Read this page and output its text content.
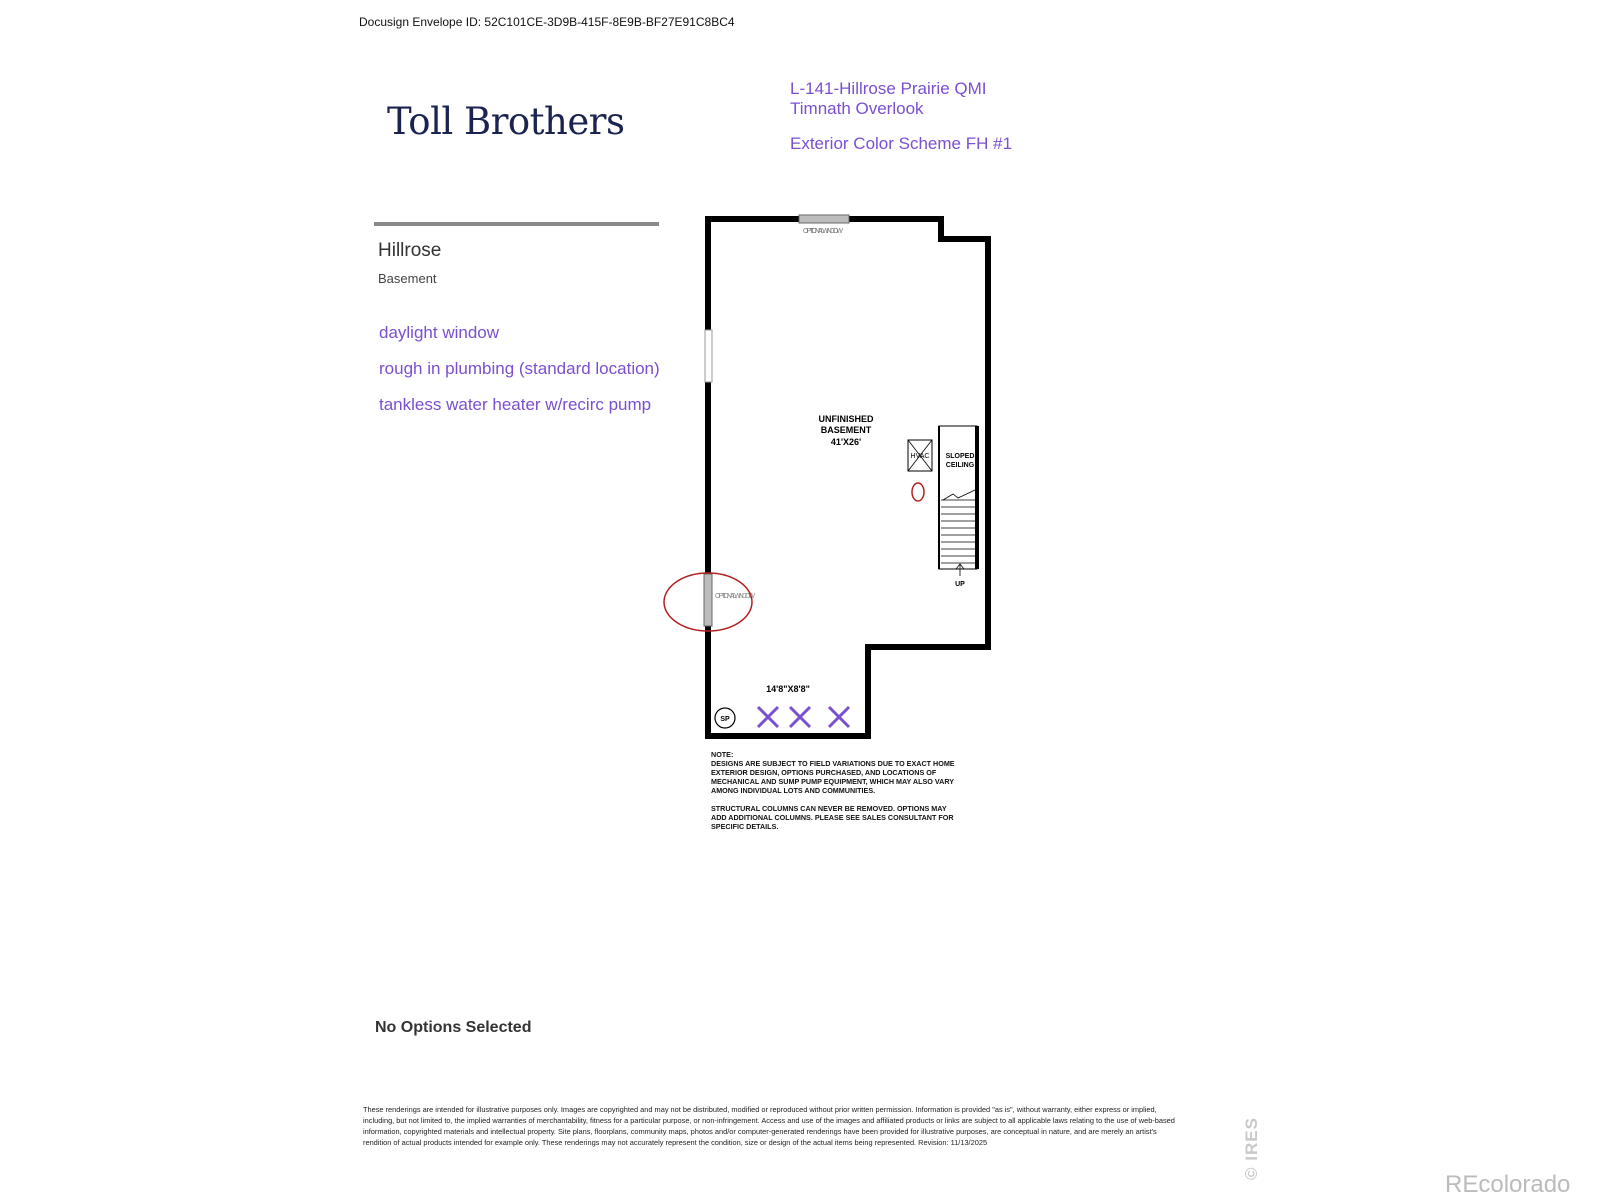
Docusign Envelope ID: 52C101CE-3D9B-415F-8E9B-BF27E91C8BC4
Toll Brothers
L-141-Hillrose Prairie QMI
Timnath Overlook
Exterior Color Scheme FH #1
Hillrose
Basement
daylight window
rough in plumbing (standard location)
tankless water heater w/recirc pump
OPTIONAL WINDOW
OPTIONAL WINDOW
UNFINISHED
BASEMENT
41'X26'
HVAC SLOPED
CEILING
UP
14'8"X8'8"
SP
NOTE:

DESIGNS ARE SUBJECT TO FIELD VARIATIONS DUE TO EXACT HOME EXTERIOR DESIGN, OPTIONS PURCHASED, AND LOCATIONS OF MECHANICAL AND SUMP PUMP EQUIPMENT, WHICH MAY ALSO VARY AMONG INDIVIDUAL LOTS AND COMMUNITIES.

STRUCTURAL COLUMNS CAN NEVER BE REMOVED. OPTIONS MAY ADD ADDITIONAL COLUMNS. PLEASE SEE SALES CONSULTANT FOR SPECIFIC DETAILS.

No Options Selected
These renderings are intended for illustrative purposes only. Images are copyrighted and may not be distributed, modified or reproduced without prior written permission. Information is provided "as is", without warranty, either express or implied, including, but not limited to, the implied warranties of merchantability, fitness for a particular purpose, or non-infringement. Access and use of the images and affiliated products or links are subject to all applicable laws relating to the use of web-based information, copyrighted materials and intellectual property. Site plans, floorplans, community maps, photos and/or computer-generated renderings have been provided for illustrative purposes, are conceptual in nature, and are merely an artist's rendition of actual products intended for example only. These renderings may not accurately represent the condition, size or design of the actual items being represented. Revision: 11/13/2025	© IRES
REcolorado
